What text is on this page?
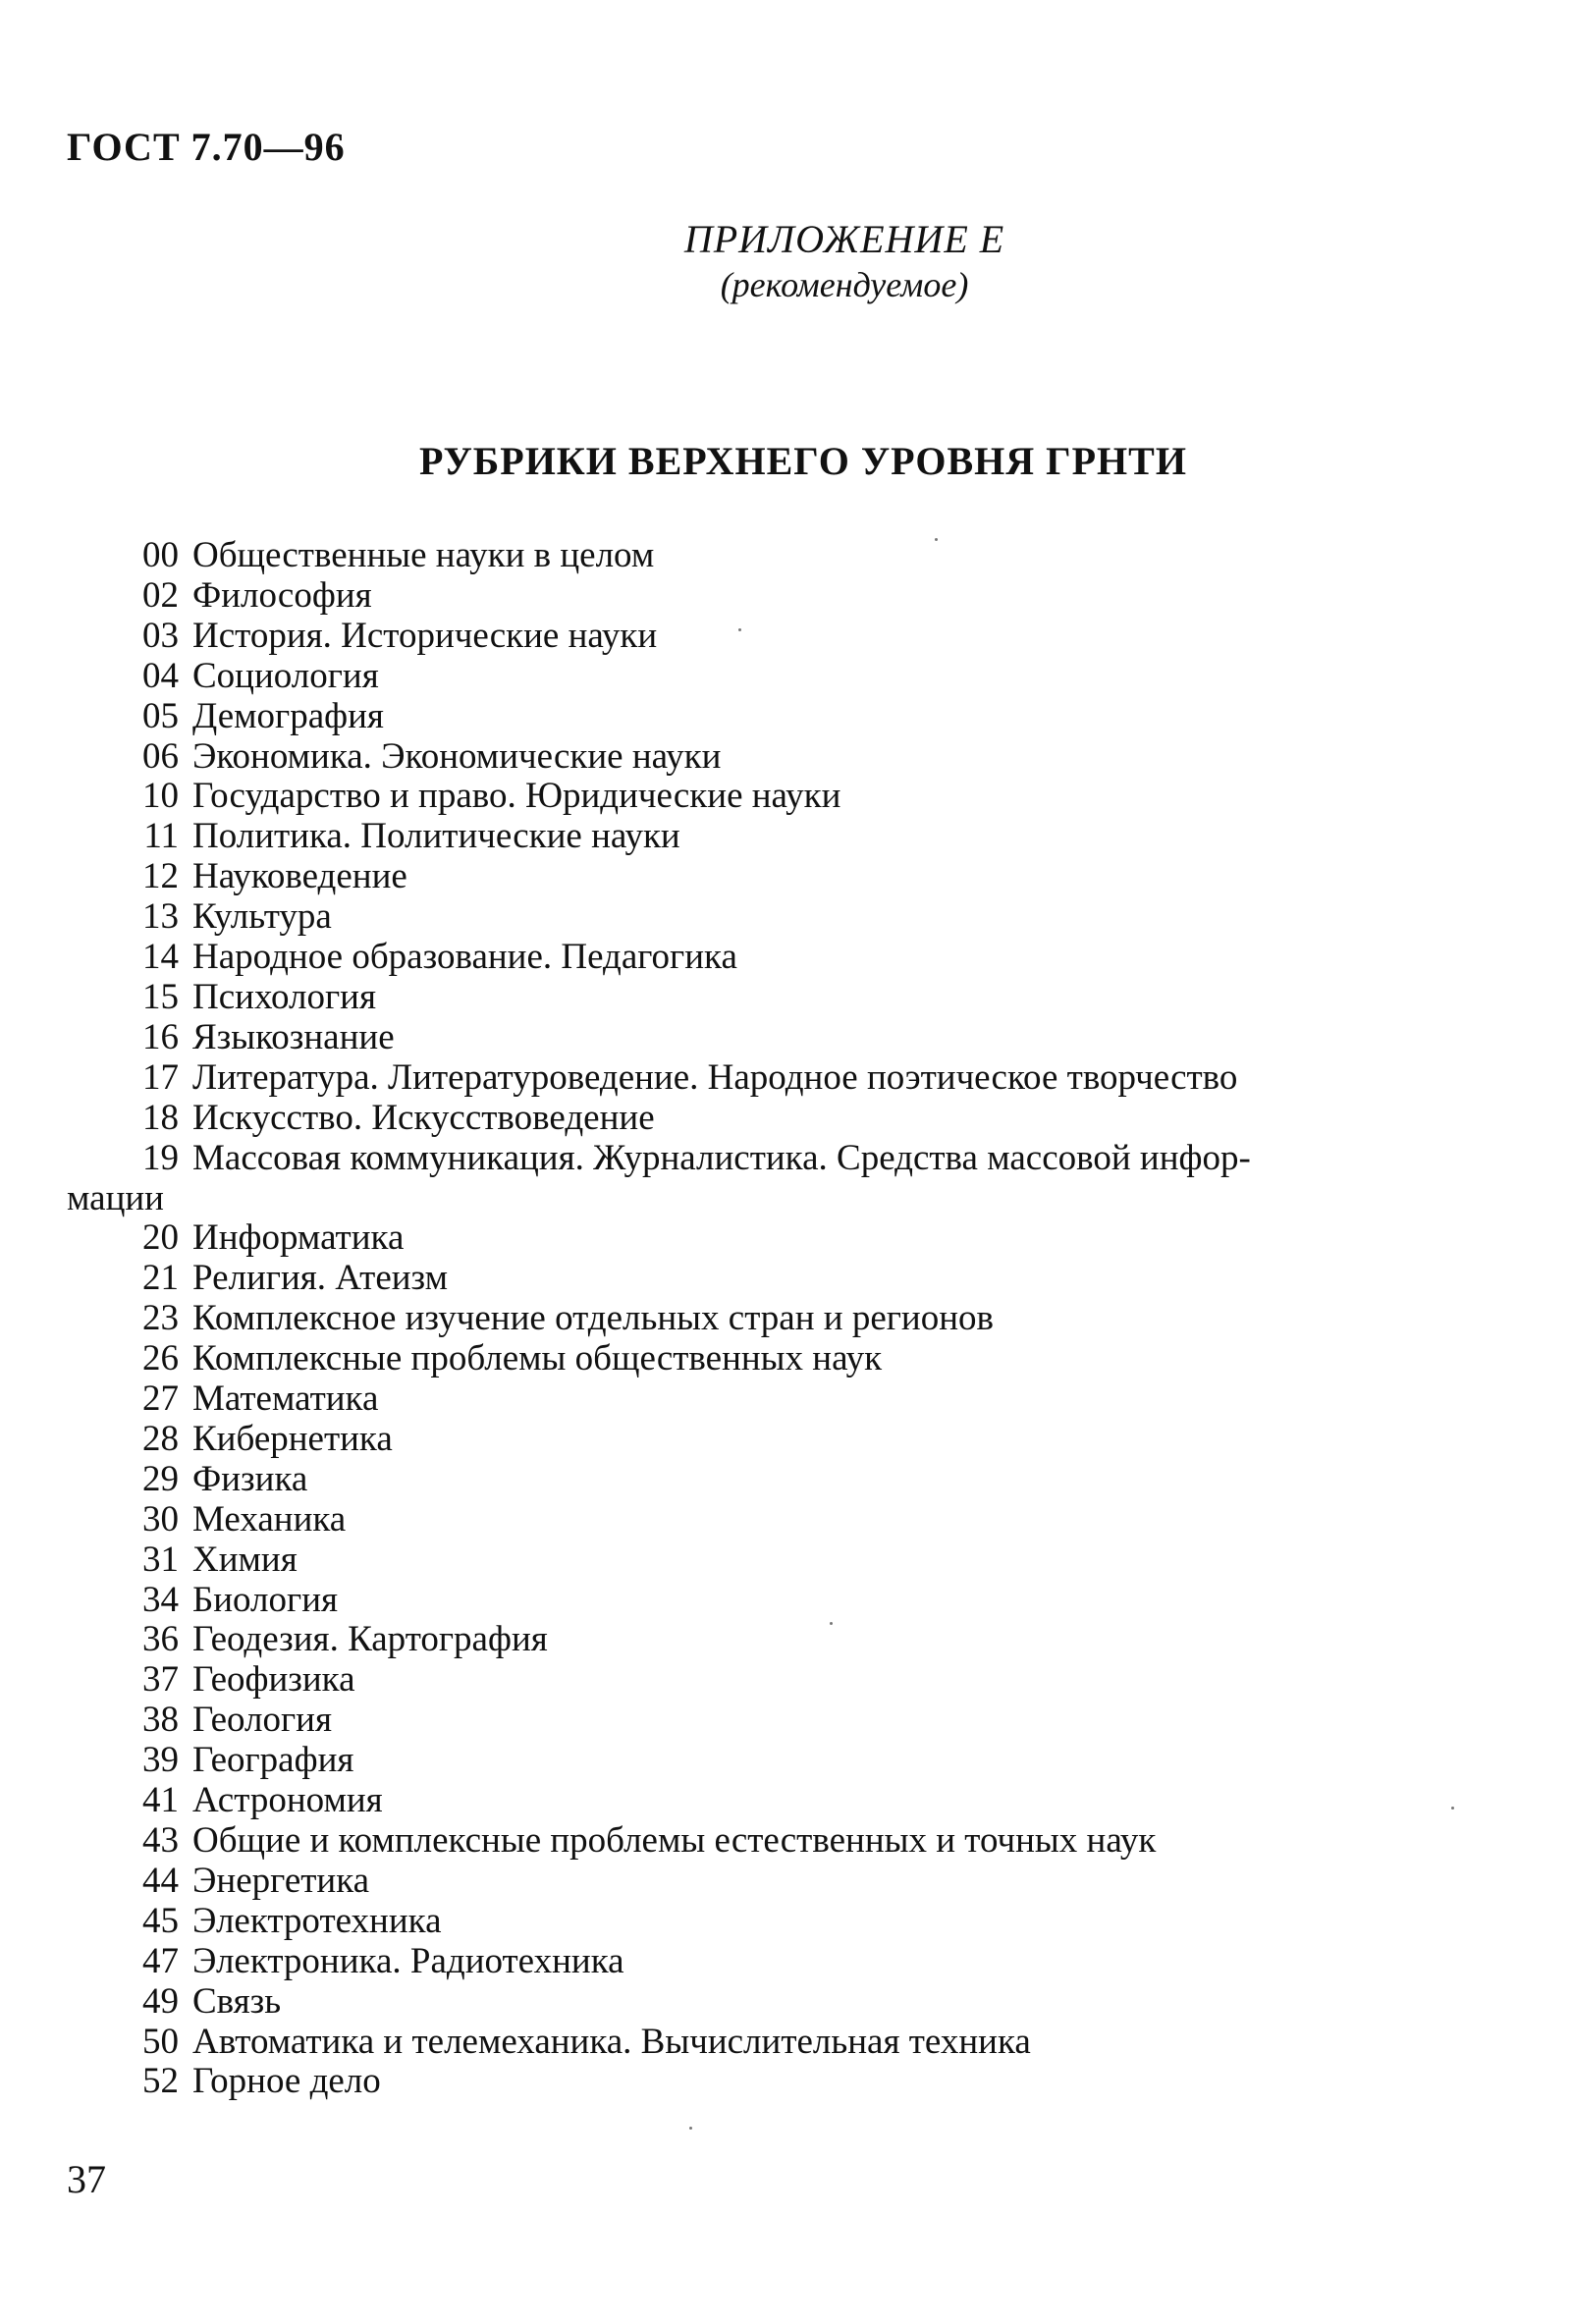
ГОСТ 7.70—96

ПРИЛОЖЕНИЕ Е
(рекомендуемое)
РУБРИКИ ВЕРХНЕГО УРОВНЯ ГРНТИ
00 Общественные науки в целом
02 Философия
03 История. Исторические науки
04 Социология
05 Демография
06 Экономика. Экономические науки
10 Государство и право. Юридические науки
11 Политика. Политические науки
12 Науковедение
13 Культура
14 Народное образование. Педагогика
15 Психология
16 Языкознание
17 Литература. Литературоведение. Народное поэтическое творчество
18 Искусство. Искусствоведение
19 Массовая коммуникация. Журналистика. Средства массовой инфор-
мации
20 Информатика
21 Религия. Атеизм
23 Комплексное изучение отдельных стран и регионов
26 Комплексные проблемы общественных наук
27 Математика
28 Кибернетика
29 Физика
30 Механика
31 Химия
34 Биология
36 Геодезия. Картография
37 Геофизика
38 Геология
39 География
41 Астрономия
43 Общие и комплексные проблемы естественных и точных наук
44 Энергетика
45 Электротехника
47 Электроника. Радиотехника
49 Связь
50 Автоматика и телемеханика. Вычислительная техника
52 Горное дело

37
